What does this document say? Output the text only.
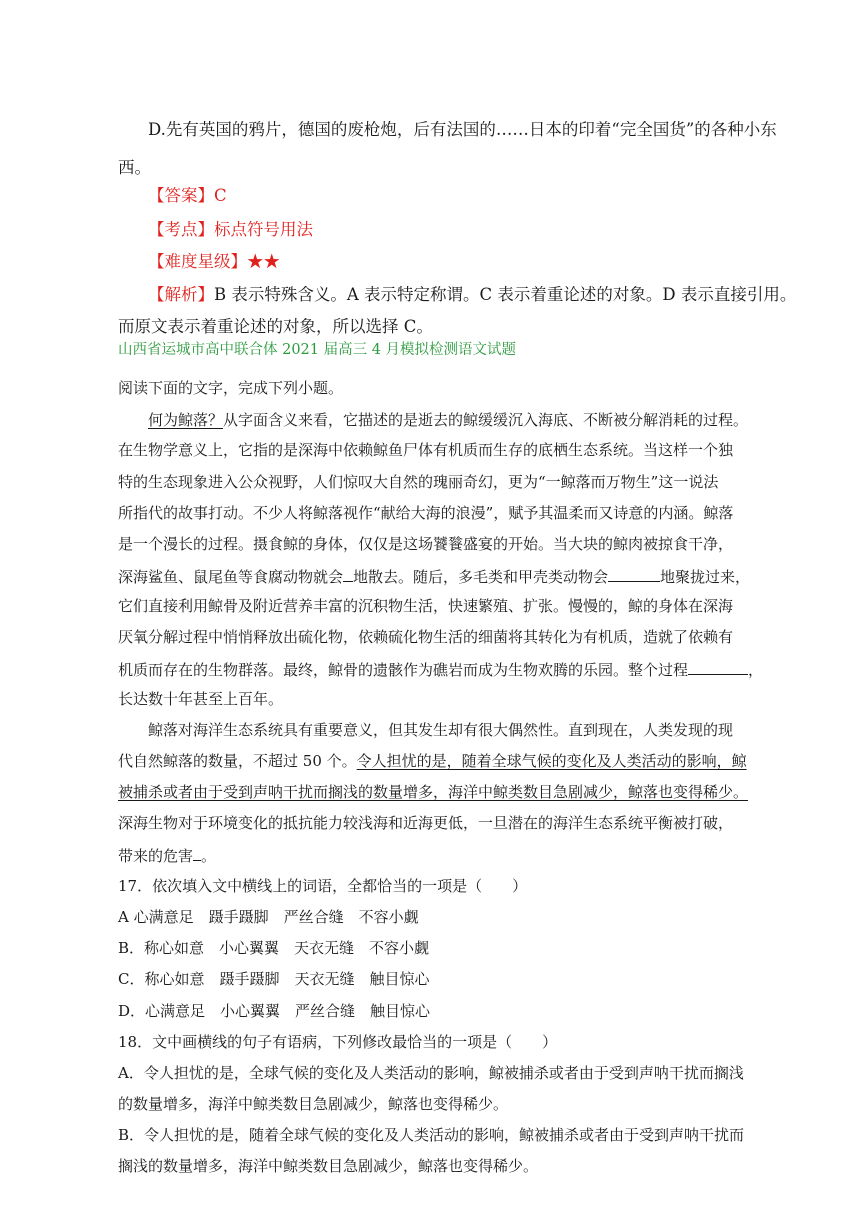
D.先有英国的鸦片，德国的废枪炮，后有法国的……日本的印着“完全国货”的各种小东
西。
【答案】C
【考点】标点符号用法
【难度星级】★★
【解析】B 表示特殊含义。A 表示特定称谓。C 表示着重论述的对象。D 表示直接引用。
而原文表示着重论述的对象，所以选择 C。
山西省运城市高中联合体 2021 届高三 4 月模拟检测语文试题
阅读下面的文字，完成下列小题。
何为鲸落？从字面含义来看，它描述的是逝去的鲸缓缓沉入海底、不断被分解消耗的过程。
在生物学意义上，它指的是深海中依赖鲸鱼尸体有机质而生存的底栖生态系统。当这样一个独
特的生态现象进入公众视野，人们惊叹大自然的瑰丽奇幻，更为“一鲸落而万物生”这一说法
所指代的故事打动。不少人将鲸落视作“献给大海的浪漫”，赋予其温柔而又诗意的内涵。鲸落
是一个漫长的过程。摄食鲸的身体，仅仅是这场饕餮盛宴的开始。当大块的鲸肉被掠食干净，
深海鲨鱼、鼠尾鱼等食腐动物就会 地散去。随后，多毛类和甲壳类动物会	地聚拢过来，
它们直接利用鲸骨及附近营养丰富的沉积物生活，快速繁殖、扩张。慢慢的，鲸的身体在深海
厌氧分解过程中悄悄释放出硫化物，依赖硫化物生活的细菌将其转化为有机质，造就了依赖有
机质而存在的生物群落。最终，鲸骨的遗骸作为礁岩而成为生物欢腾的乐园。整个过程	，
长达数十年甚至上百年。
鲸落对海洋生态系统具有重要意义，但其发生却有很大偶然性。直到现在，人类发现的现
代自然鲸落的数量，不超过 50 个。令人担忧的是，随着全球气候的变化及人类活动的影响，鲸
被捕杀或者由于受到声呐干扰而搁浅的数量增多，海洋中鲸类数目急剧减少，鲸落也变得稀少。
深海生物对于环境变化的抵抗能力较浅海和近海更低，一旦潜在的海洋生态系统平衡被打破，
带来的危害 。
17．依次填入文中横线上的词语，全都恰当的一项是（　　）
A 心满意足　蹑手蹑脚　严丝合缝　不容小觑
B．称心如意　小心翼翼　天衣无缝　不容小觑
C．称心如意　蹑手蹑脚　天衣无缝　触目惊心
D．心满意足　小心翼翼　严丝合缝　触目惊心
18．文中画横线的句子有语病，下列修改最恰当的一项是（　　）
A．令人担忧的是，全球气候的变化及人类活动的影响，鲸被捕杀或者由于受到声呐干扰而搁浅
的数量增多，海洋中鲸类数目急剧减少，鲸落也变得稀少。
B．令人担忧的是，随着全球气候的变化及人类活动的影响，鲸被捕杀或者由于受到声呐干扰而
搁浅的数量增多，海洋中鲸类数目急剧减少，鲸落也变得稀少。
